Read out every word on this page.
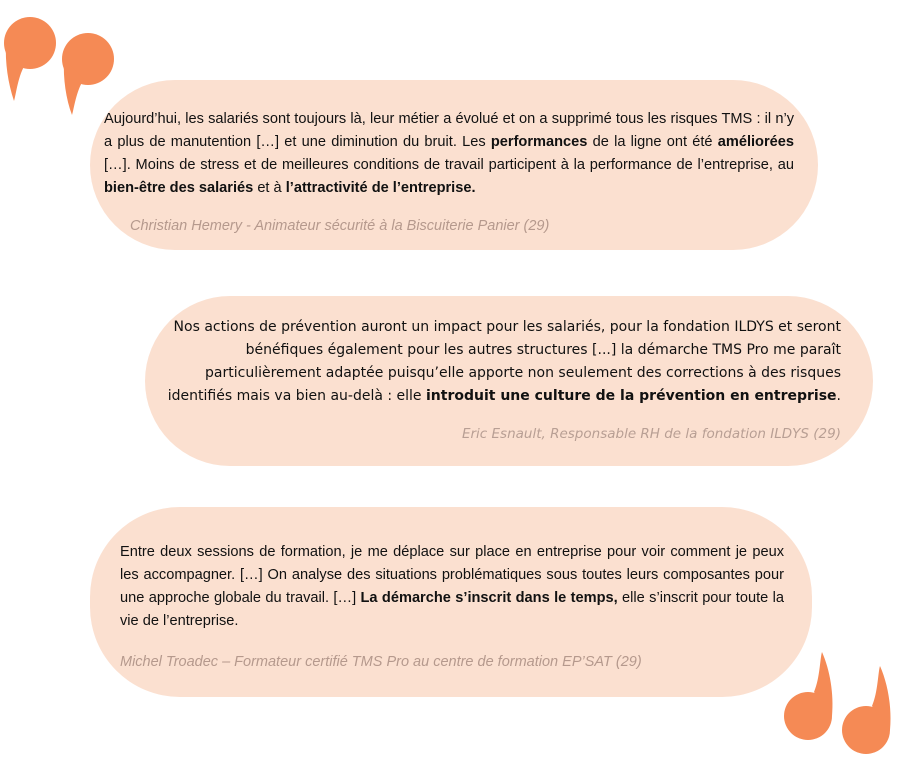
Aujourd’hui, les salariés sont toujours là, leur métier a évolué et on a supprimé tous les risques TMS : il n’y a plus de manutention […] et une diminution du bruit. Les performances de la ligne ont été améliorées […]. Moins de stress et de meilleures conditions de travail participent à la performance de l’entreprise, au bien-être des salariés et à l’attractivité de l’entreprise.

Christian Hemery - Animateur sécurité à la Biscuiterie Panier (29)

Nos actions de prévention auront un impact pour les salariés, pour la fondation ILDYS et seront bénéfiques également pour les autres structures [...] la démarche TMS Pro me paraît particulièrement adaptée puisqu’elle apporte non seulement des corrections à des risques identifiés mais va bien au-delà : elle introduit une culture de la prévention en entreprise.

Eric Esnault, Responsable RH de la fondation ILDYS (29)

Entre deux sessions de formation, je me déplace sur place en entreprise pour voir comment je peux les accompagner. […] On analyse des situations problématiques sous toutes leurs composantes pour une approche globale du travail. […] La démarche s’inscrit dans le temps, elle s’inscrit pour toute la vie de l’entreprise.

Michel Troadec – Formateur certifié TMS Pro au centre de formation EP’SAT (29)
